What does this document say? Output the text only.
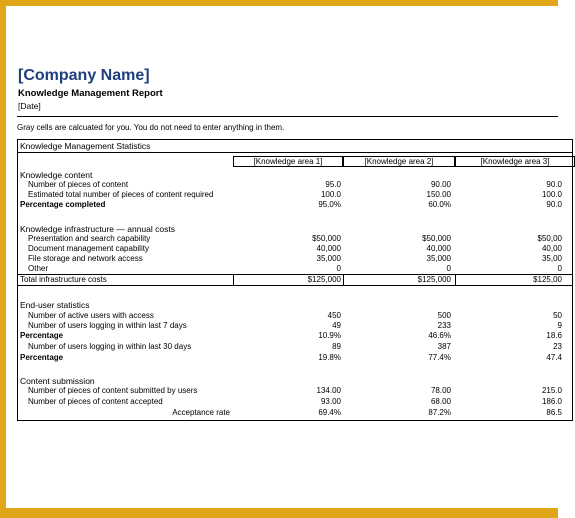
[Company Name]
Knowledge Management Report
[Date]
Gray cells are calcuated for you. You do not need to enter anything in them.
Knowledge Management Statistics
[Knowledge area 1]	[Knowledge area 2]	[Knowledge area 3]
Knowledge content
Number of pieces of content	95.0	90.00	90.0
Estimated total number of pieces of content required	100.0	150.00	100.0
Percentage completed	95.0%	60.0%	90.0
Knowledge infrastructure — annual costs
Presentation and search capability	$50,000	$50,000	$50,00
Document management capability	40,000	40,000	40,00
File storage and network access	35,000	35,000	35,00
Other	0	0	0
Total infrastructure costs	$125,000	$125,000	$125,00
End-user statistics
Number of active users with access	450	500	50
Number of users logging in within last 7 days	49	233	9
Percentage	10.9%	46.6%	18.6
Number of users logging in within last 30 days	89	387	23
Percentage	19.8%	77.4%	47.4
Content submission
Number of pieces of content submitted by users	134.00	78.00	215.0
Number of pieces of content accepted	93.00	68.00	186.0
Acceptance rate	69.4%	87.2%	86.5
